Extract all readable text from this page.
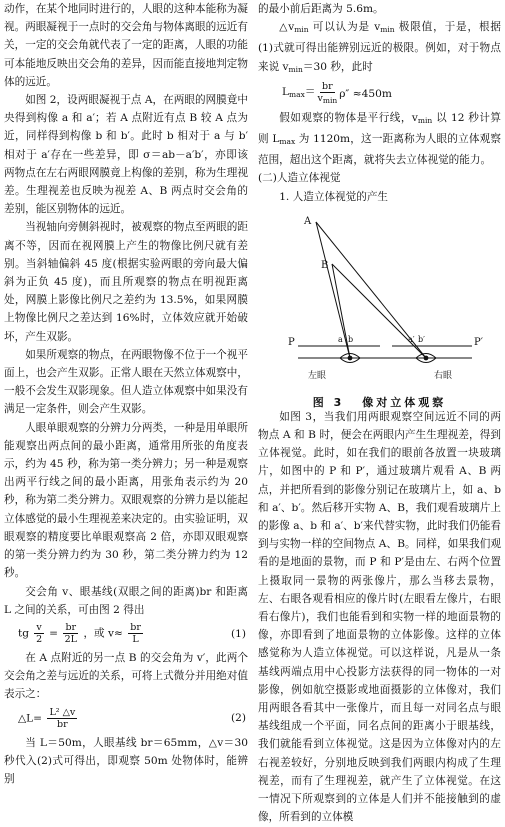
动作，在某个地同时进行的，人眼的这种本能称为凝视。两眼凝视于一点时的交会角与物体离眼的远近有关，一定的交会角就代表了一定的距离，人眼的功能可本能地反映出交会角的差异，因而能直接地判定物体的远近。

如图 2，设两眼凝视于点 A，在两眼的网膜竟中央得到构像 a 和 a′；若 A 点附近有点 B 较 A 点为近，同样得到构像 b 和 b′。此时 b 相对于 a 与 b′相对于 a′存在一些差异，即 σ＝ab－a′b′，亦即该两物点在左右两眼网膜竟上构像的差别，称为生理视差。生理视差也反映为视差 A、B 两点时交会角的差别，能区别物体的远近。

当视轴向旁侧斜视时，被观察的物点至两眼的距离不等，因而在视网膜上产生的物像比例尺就有差别。当斜轴偏斜 45 度(根据实验两眼的旁向最大偏斜为正负 45 度)，而且所观察的物点在明视距离处，网膜上影像比例尺之差约为 13.5%，如果网膜上物像比例尺之差达到 16%时，立体效应就开始破坏，产生双影。

如果所观察的物点，在两眼物像不位于一个视平面上，也会产生双影。正常人眼在天然立体观察中，一般不会发生双影现象。但人造立体观察中如果没有满足一定条件，则会产生双影。

人眼单眼观察的分辨力分两类，一种是用单眼所能观察出两点间的最小距离，通常用所张的角度表示，约为 45 秒，称为第一类分辨力；另一种是观察出两平行线之间的最小距离，用张角表示约为 20 秒，称为第二类分辨力。双眼观察的分辨力是以能起立体感觉的最小生理视差来决定的。由实验证明，双眼观察的精度要比单眼观察高 2 倍，亦即双眼观察的第一类分辨力约为 30 秒，第二类分辨力约为 12 秒。

交会角 v、眼基线(双眼之间的距离)br 和距离 L 之间的关系，可由图 2 得出

tg $\frac{v}{2} = \frac{br}{2L}$ ，或 $v\approx \frac{br}{L}$	(1)

在 A 点附近的另一点 B 的交会角为 v′，此两个交会角之差与远近的关系，可将上式微分并用绝对值表示之：

△L= $\frac{\text{L² △v}}{br}$	(2)

当 L＝50m，人眼基线 br＝65mm，△v＝30 秒代入(2)式可得出，即观察 50m 处物体时，能辨别

的最小前后距离为 5.6m。

$\triangle v_{min}$ 可以认为是 $v_{min}$ 极限值，于是，根据(1)式就可得出能辨别远近的极限。例如，对于物点来说 $v_{min}=30$ 秒，此时

$L_{max}= \frac{br}{v_{min}} \rho'' \approx 450m$

假如观察的物体是平行线，$v_{min}$ 以 12 秒计算则 $L_{max}$ 为 1120m，这一距离称为人眼的立体观察范围，超出这个距离，就将失去立体视觉的能力。

(二)人造立体视觉

1. 人造立体视觉的产生

A
B
P	P′
a b	a′ b′
左眼	右眼
图 3 像对立体观察

如图 3，当我们用两眼观察空间远近不同的两物点 A 和 B 时，便会在两眼内产生生理视差，得到立体视觉。此时，如在我们的眼前各放置一块玻璃片，如图中的 P 和 P′，通过玻璃片观看 A、B 两点，并把所看到的影像分别记在玻璃片上，如 a、b 和 a′、b′。然后移开实物 A、B，我们观看玻璃片上的影像 a、b 和 a′、b′来代替实物，此时我们仍能看到与实物一样的空间物点 A、B。同样，如果我们观看的是地面的景物，而 P 和 P′是由左、右两个位置上摄取同一景物的两张像片，那么当移去景物，左、右眼各观看相应的像片时(左眼看左像片，右眼看右像片)，我们也能看到和实物一样的地面景物的像，亦即看到了地面景物的立体影像。这样的立体感觉称为人造立体视觉。可以这样说，凡是从一条基线两端点用中心投影方法获得的同一物体的一对影像，例如航空摄影或地面摄影的立体像对，我们用两眼各看其中一张像片，而且每一对同名点与眼基线组成一个平面，同名点间的距离小于眼基线，我们就能看到立体视觉。这是因为立体像对内的左右视差较好，分别地反映到我们两眼内构成了生理视差，而有了生理视差，就产生了立体视觉。在这一情况下所观察到的立体是人们并不能接触到的虚像，所看到的立体模
